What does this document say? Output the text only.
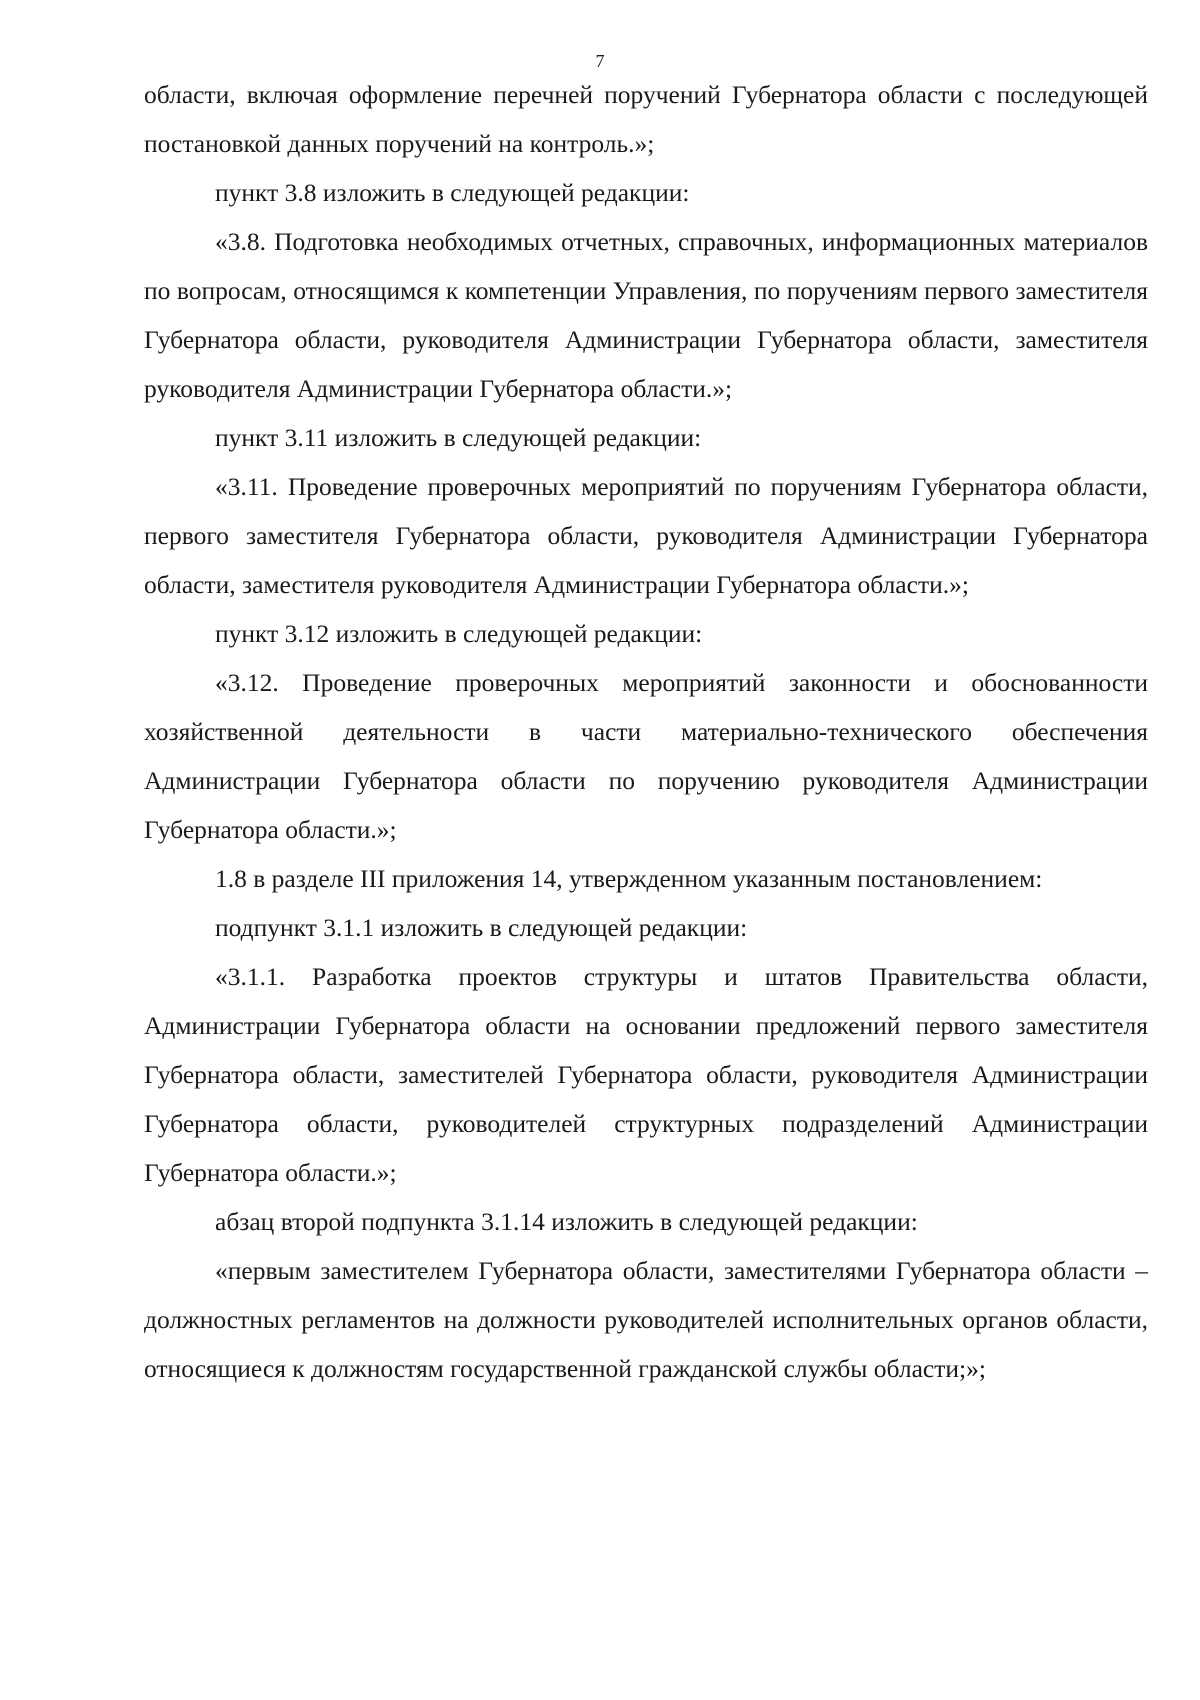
7

области, включая оформление перечней поручений Губернатора области с последующей постановкой данных поручений на контроль.»;

пункт 3.8 изложить в следующей редакции:

«3.8. Подготовка необходимых отчетных, справочных, информационных материалов по вопросам, относящимся к компетенции Управления, по поручениям первого заместителя Губернатора области, руководителя Администрации Губернатора области, заместителя руководителя Администрации Губернатора области.»;

пункт 3.11 изложить в следующей редакции:

«3.11. Проведение проверочных мероприятий по поручениям Губернатора области, первого заместителя Губернатора области, руководителя Администрации Губернатора области, заместителя руководителя Администрации Губернатора области.»;

пункт 3.12 изложить в следующей редакции:

«3.12. Проведение проверочных мероприятий законности и обоснованности хозяйственной деятельности в части материально-технического обеспечения Администрации Губернатора области по поручению руководителя Администрации Губернатора области.»;

1.8 в разделе III приложения 14, утвержденном указанным постановлением:

подпункт 3.1.1 изложить в следующей редакции:

«3.1.1. Разработка проектов структуры и штатов Правительства области, Администрации Губернатора области на основании предложений первого заместителя Губернатора области, заместителей Губернатора области, руководителя Администрации Губернатора области, руководителей структурных подразделений Администрации Губернатора области.»;

абзац второй подпункта 3.1.14 изложить в следующей редакции:

«первым заместителем Губернатора области, заместителями Губернатора области – должностных регламентов на должности руководителей исполнительных органов области, относящиеся к должностям государственной гражданской службы области;»;
